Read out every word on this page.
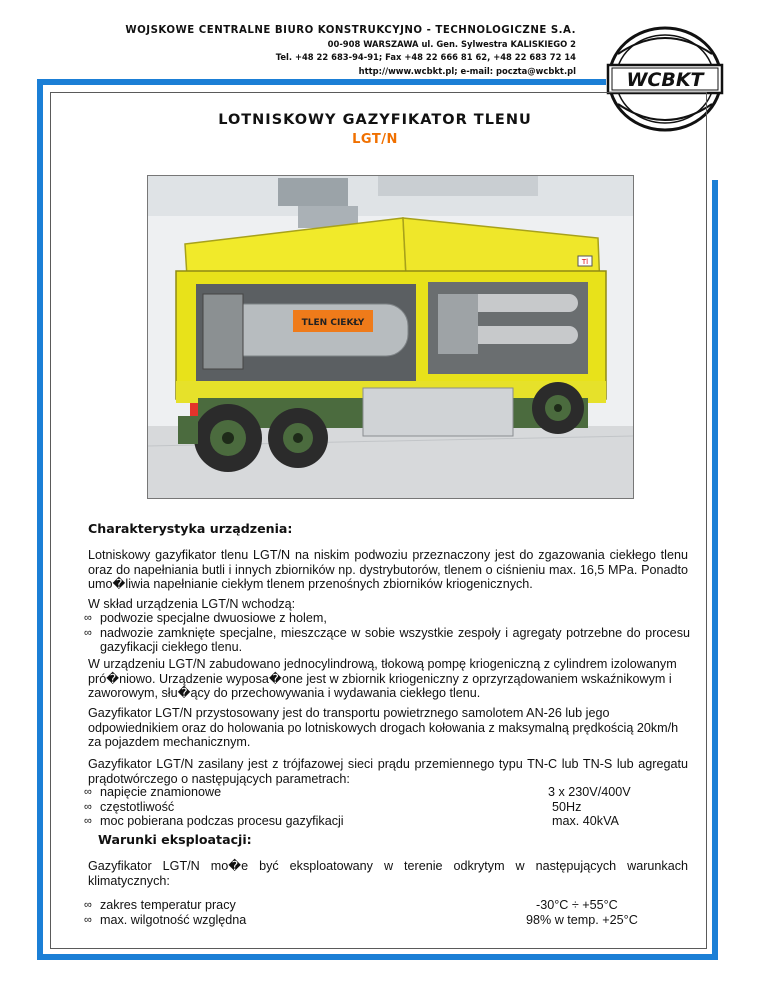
WOJSKOWE CENTRALNE BIURO KONSTRUKCYJNO - TECHNOLOGICZNE S.A.
00-908 WARSZAWA ul. Gen. Sylwestra KALISKIEGO 2
Tel. +48 22 683-94-91; Fax +48 22 666 81 62, +48 22 683 72 14
http://www.wcbkt.pl; e-mail: poczta@wcbkt.pl	WCBKT
LOTNISKOWY GAZYFIKATOR TLENU
LGT/N
TLEN CIEKŁY
Tl
Charakterystyka urządzenia:
Lotniskowy gazyfikator tlenu LGT/N na niskim podwoziu przeznaczony jest do zgazowania ciekłego tlenu oraz do napełniania butli i innych zbiorników np. dystrybutorów, tlenem o ciśnieniu max. 16,5 MPa. Ponadto umo�liwia napełnianie ciekłym tlenem przenośnych zbiorników kriogenicznych.
W skład urządzenia LGT/N wchodzą:
∞ podwozie specjalne dwuosiowe z holem,
∞ nadwozie zamknięte specjalne, mieszczące w sobie wszystkie zespoły i agregaty potrzebne do procesu gazyfikacji ciekłego tlenu.
W urządzeniu LGT/N zabudowano jednocylindrową, tłokową pompę kriogeniczną z cylindrem izolowanym pró�niowo. Urządzenie wyposa�one jest w zbiornik kriogeniczny z oprzyrządowaniem wskaźnikowym i zaworowym, słu�ący do przechowywania i wydawania ciekłego tlenu.
Gazyfikator LGT/N przystosowany jest do transportu powietrznego samolotem AN-26 lub jego odpowiednikiem oraz do holowania po lotniskowych drogach kołowania z maksymalną prędkością 20km/h za pojazdem mechanicznym.
Gazyfikator LGT/N zasilany jest z trójfazowej sieci prądu przemiennego typu TN-C lub TN-S lub agregatu prądotwórczego o następujących parametrach:
∞ napięcie znamionowe	3 x 230V/400V
∞ częstotliwość	50Hz
∞ moc pobierana podczas procesu gazyfikacji	max. 40kVA
Warunki eksploatacji:
Gazyfikator LGT/N mo�e być eksploatowany w terenie odkrytym w następujących warunkach klimatycznych:
∞ zakres temperatur pracy	-30°C ÷ +55°C
∞ max. wilgotność względna	98% w temp. +25°C
